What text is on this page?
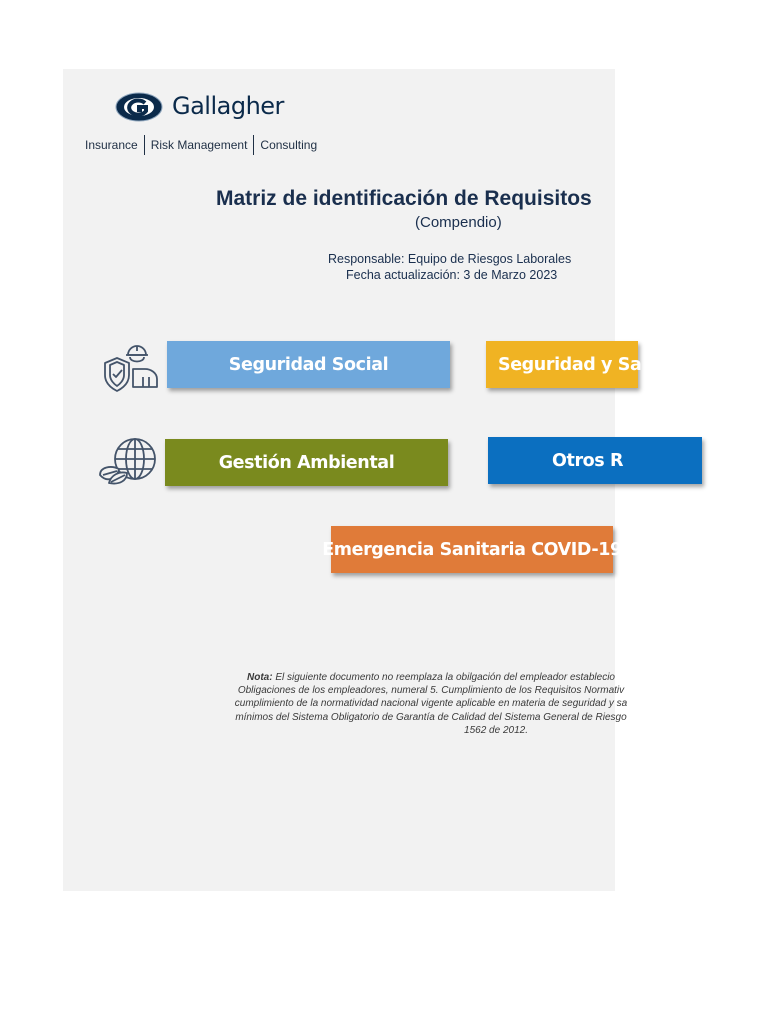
Gallagher
Insurance Risk Management Consulting
Matriz de identificación de Requisitos
(Compendio)
Responsable: Equipo de Riesgos Laborales
Fecha actualización: 3 de Marzo 2023
Seguridad Social	Seguridad y Sa
Gestión Ambiental	Otros R
Emergencia Sanitaria COVID-19

Nota: El siguiente documento no reemplaza la obilgación del empleador establecio

Obligaciones de los empleadores, numeral 5. Cumplimiento de los Requisitos Normativ

cumplimiento de la normatividad nacional vigente aplicable en materia de seguridad y sa

mínimos del Sistema Obligatorio de Garantía de Calidad del Sistema General de Riesgo

1562 de 2012.
